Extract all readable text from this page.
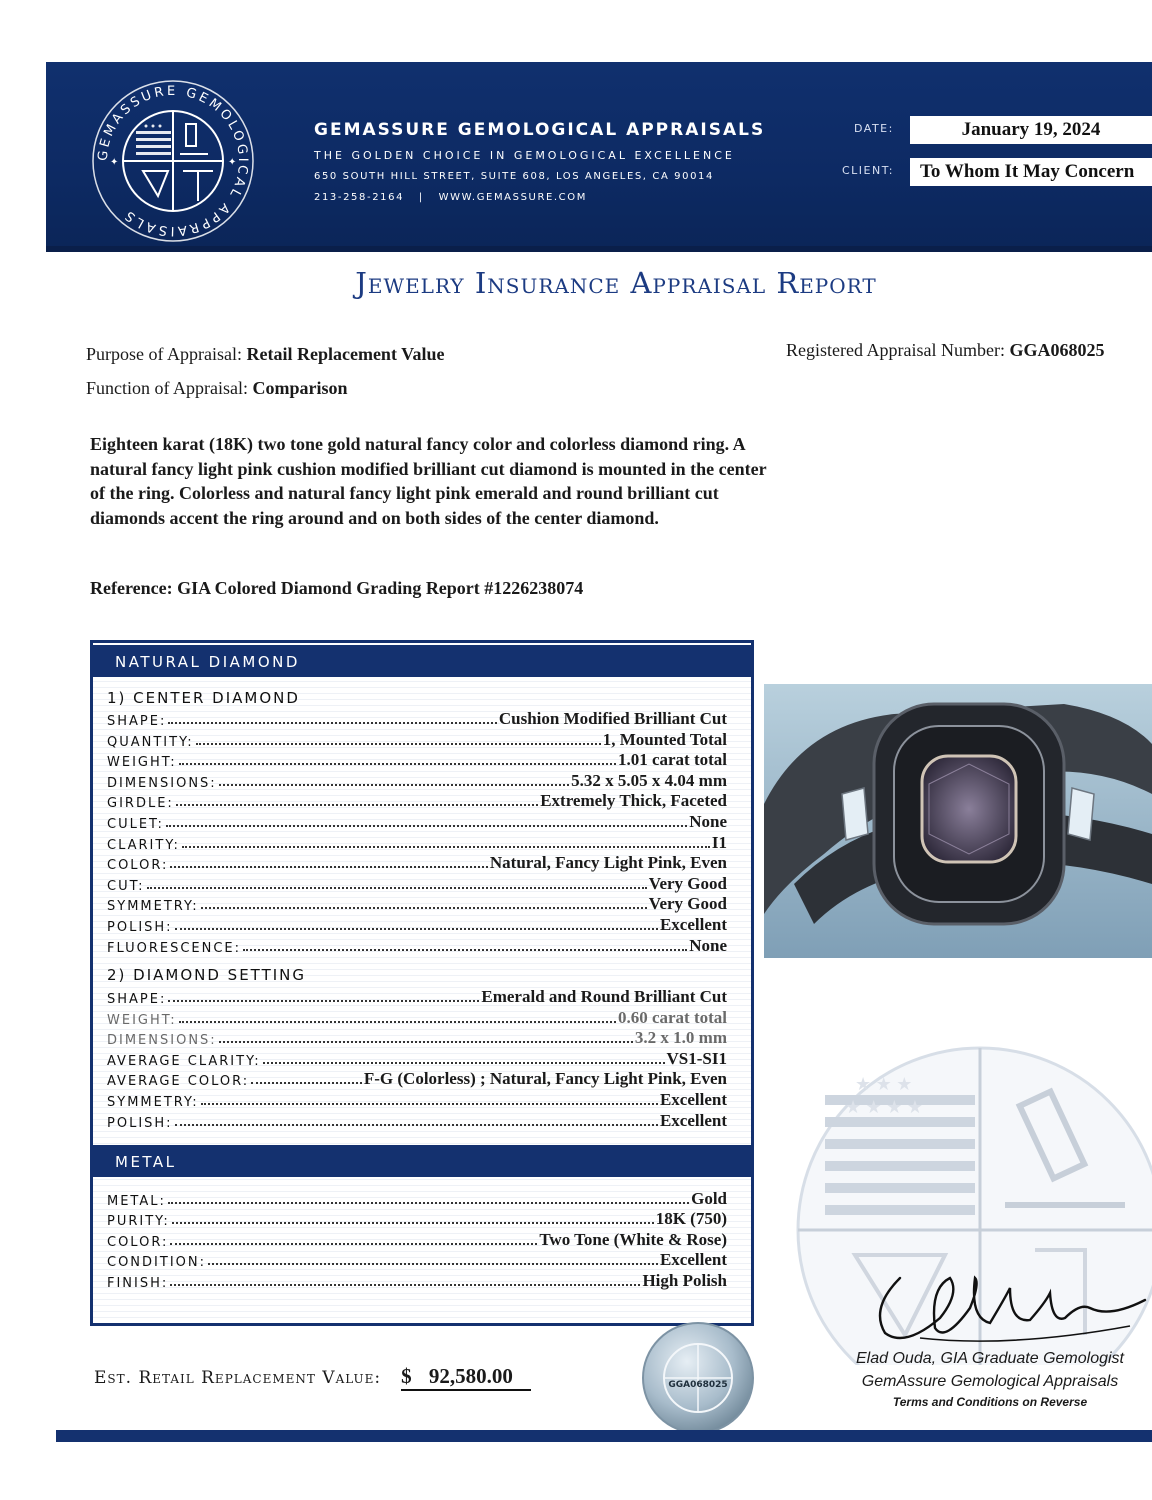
GEMASSURE GEMOLOGICAL APPRAISALS
✦	✦
GEMASSURE GEMOLOGICAL APPRAISALS
THE GOLDEN CHOICE IN GEMOLOGICAL EXCELLENCE
650 SOUTH HILL STREET, SUITE 608, LOS ANGELES, CA 90014
213-258-2164 | WWW.GEMASSURE.COM
DATE:	January 19, 2024
CLIENT:	To Whom It May Concern
Jewelry Insurance Appraisal Report
Purpose of Appraisal: Retail Replacement Value
Function of Appraisal: Comparison
Registered Appraisal Number: GGA068025
Eighteen karat (18K) two tone gold natural fancy color and colorless diamond ring. A natural fancy light pink cushion modified brilliant cut diamond is mounted in the center of the ring. Colorless and natural fancy light pink emerald and round brilliant cut diamonds accent the ring around and on both sides of the center diamond.
Reference: GIA Colored Diamond Grading Report #1226238074
NATURAL DIAMOND
1) CENTER DIAMOND
SHAPE:	Cushion Modified Brilliant Cut
QUANTITY:	1, Mounted Total
WEIGHT:	1.01 carat total
DIMENSIONS:	5.32 x 5.05 x 4.04 mm
GIRDLE:	Extremely Thick, Faceted
CULET:	None
CLARITY:	I1
COLOR:	Natural, Fancy Light Pink, Even
CUT:	Very Good
SYMMETRY:	Very Good
POLISH:	Excellent
FLUORESCENCE:	None
2) DIAMOND SETTING
SHAPE:	Emerald and Round Brilliant Cut
WEIGHT:	0.60 carat total
DIMENSIONS:	3.2 x 1.0 mm
AVERAGE CLARITY:	VS1-SI1
AVERAGE COLOR:	F-G (Colorless) ; Natural, Fancy Light Pink, Even
SYMMETRY:	Excellent
POLISH:	Excellent
METAL
METAL:	Gold
PURITY:	18K (750)
COLOR:	Two Tone (White & Rose)
CONDITION:	Excellent
FINISH:	High Polish
★ ★ ★
★ ★ ★ ★
Elad Ouda, GIA Graduate Gemologist
GemAssure Gemological Appraisals
Terms and Conditions on Reverse
Est. Retail Replacement Value: $ 92,580.00	GGA068025
